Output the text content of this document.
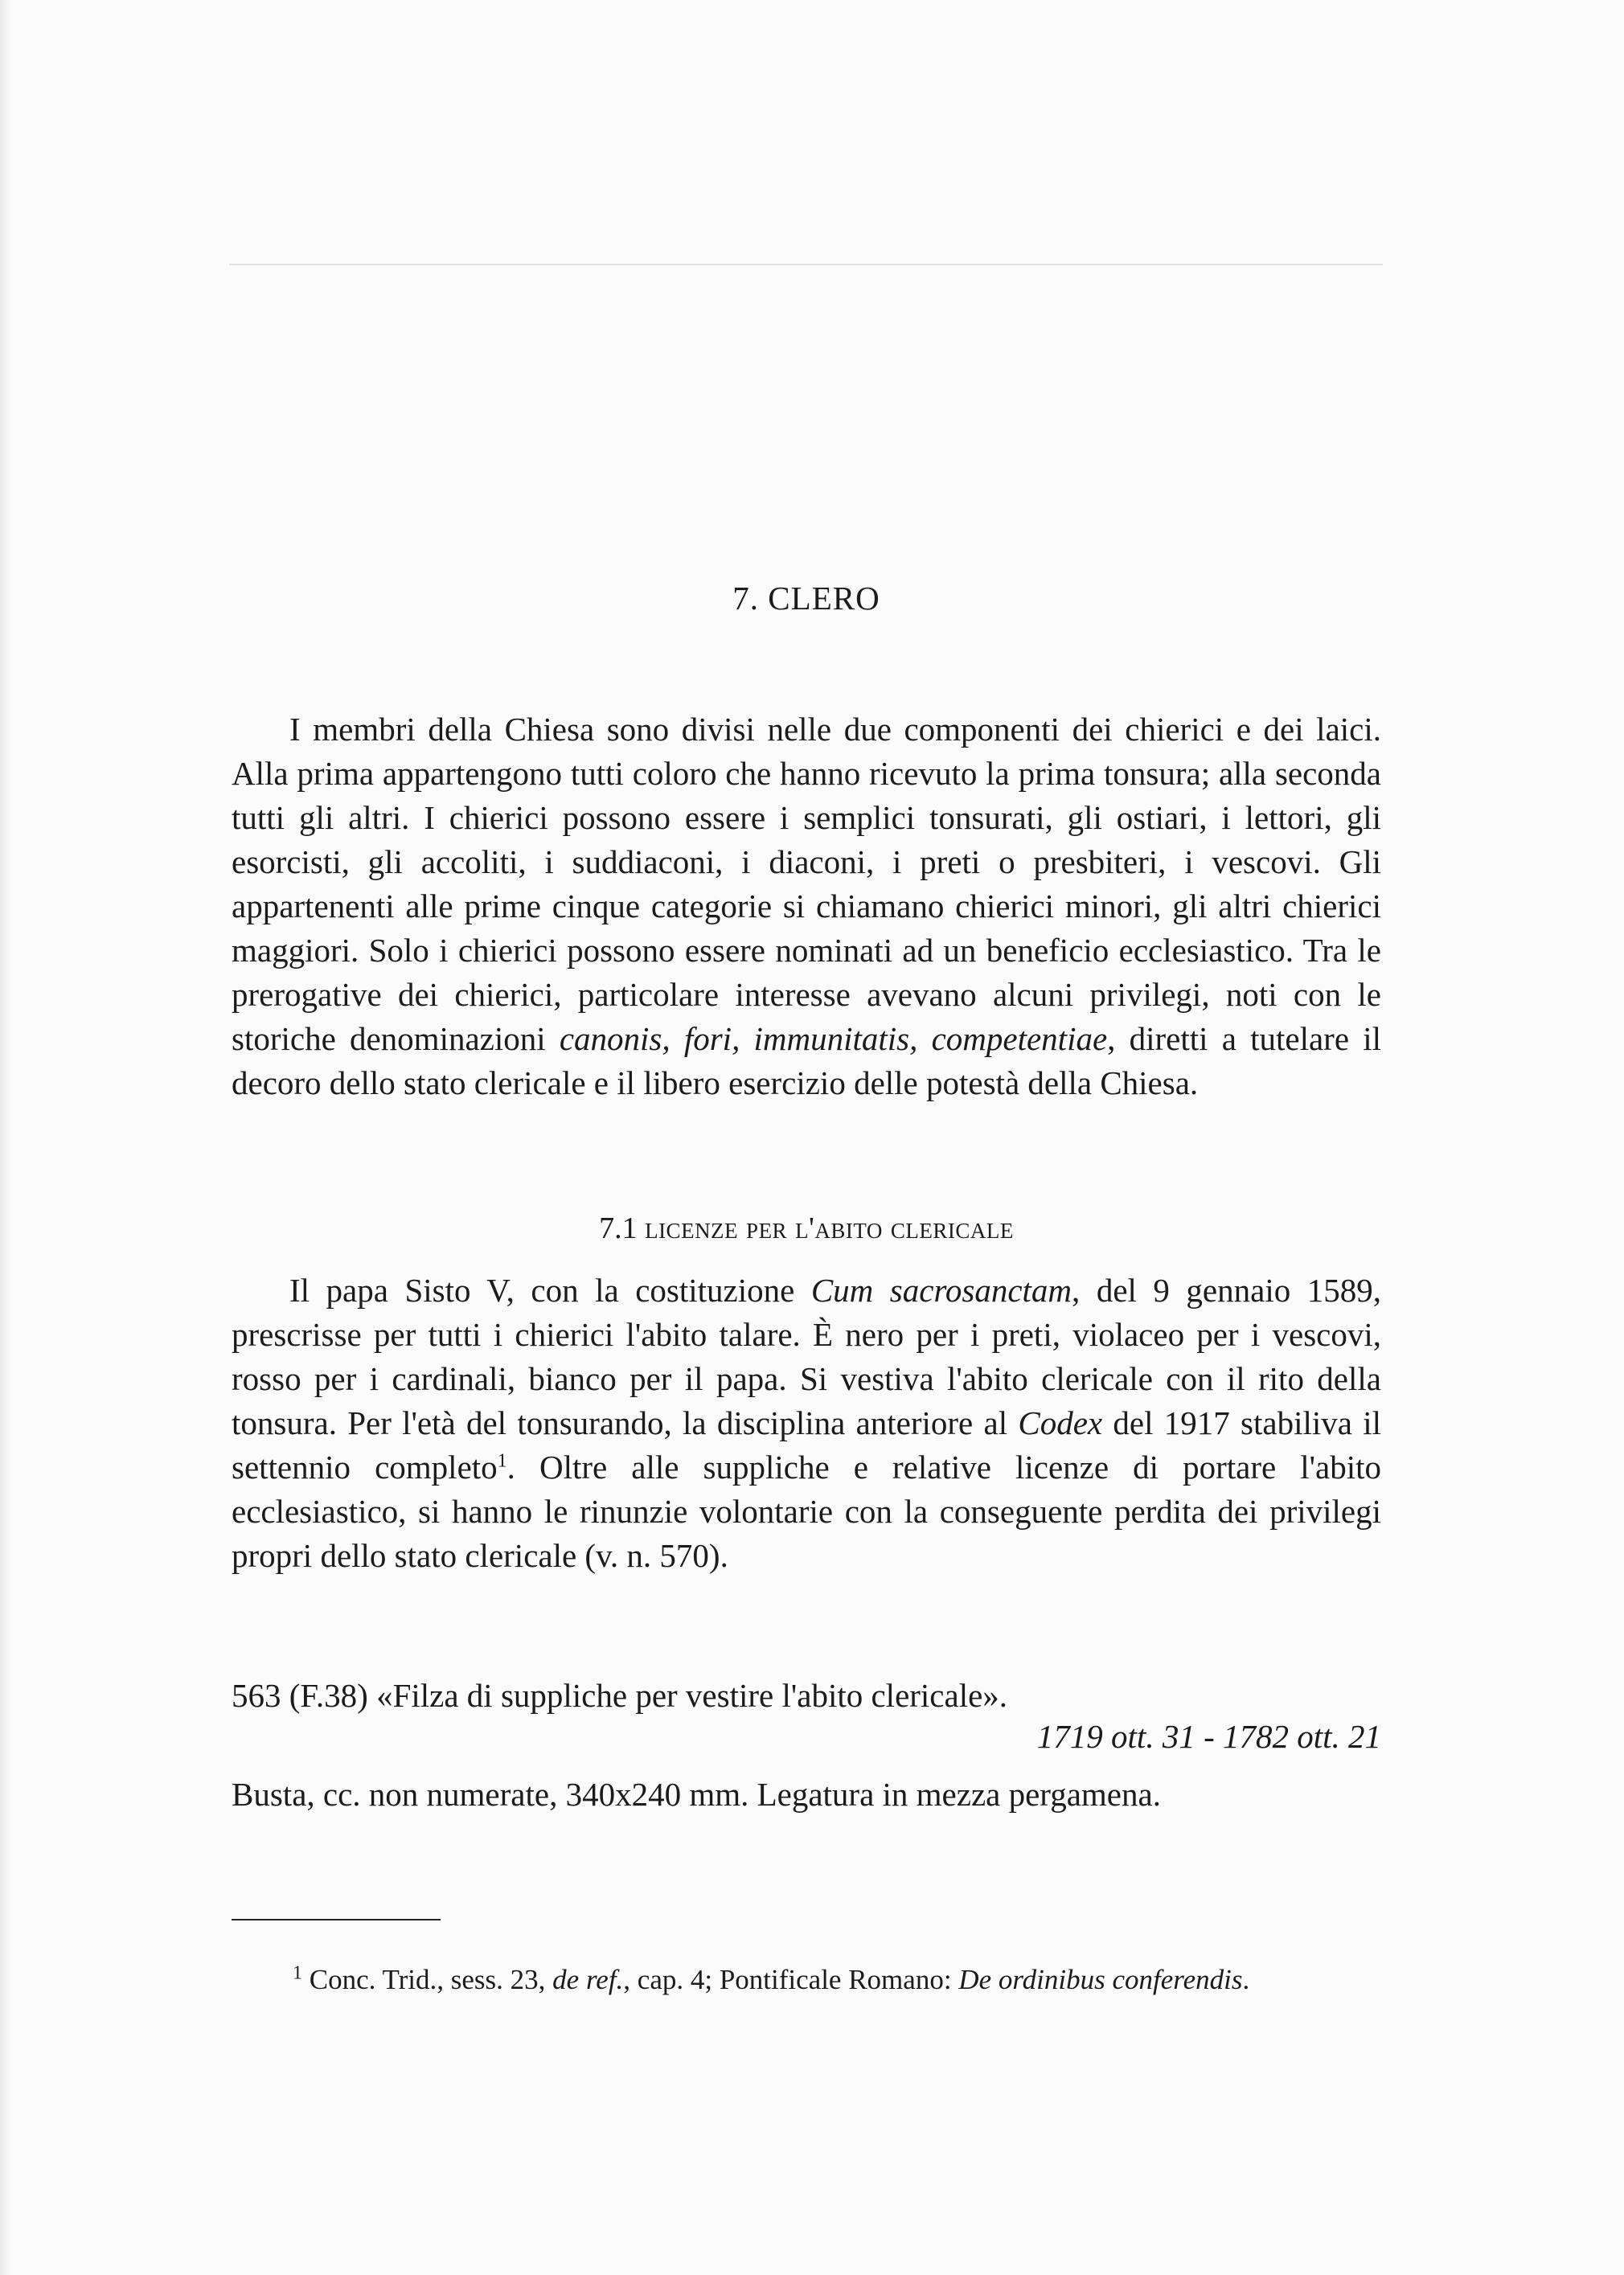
7. CLERO

I membri della Chiesa sono divisi nelle due componenti dei chierici e dei laici. Alla prima appartengono tutti coloro che hanno ricevuto la prima tonsura; alla seconda tutti gli altri. I chierici possono essere i semplici tonsurati, gli ostiari, i lettori, gli esorcisti, gli accoliti, i suddiaconi, i diaconi, i preti o presbiteri, i vescovi. Gli appartenenti alle prime cinque categorie si chiamano chierici minori, gli altri chierici maggiori. Solo i chierici possono essere nominati ad un beneficio ecclesiastico. Tra le prerogative dei chierici, particolare interesse avevano alcuni privilegi, noti con le storiche denominazioni canonis, fori, immunitatis, competentiae, diretti a tutelare il decoro dello stato clericale e il libero esercizio delle potestà della Chiesa.

7.1 licenze per l'abito clericale

Il papa Sisto V, con la costituzione Cum sacrosanctam, del 9 gennaio 1589, prescrisse per tutti i chierici l'abito talare. È nero per i preti, violaceo per i vescovi, rosso per i cardinali, bianco per il papa. Si vestiva l'abito clericale con il rito della tonsura. Per l'età del tonsurando, la disciplina anteriore al Codex del 1917 stabiliva il settennio completo$^1$. Oltre alle suppliche e relative licenze di portare l'abito ecclesiastico, si hanno le rinunzie volontarie con la conseguente perdita dei privilegi propri dello stato clericale (v. n. 570).

563 (F.38) «Filza di suppliche per vestire l'abito clericale».
1719 ott. 31 - 1782 ott. 21
Busta, cc. non numerate, 340x240 mm. Legatura in mezza pergamena.
$^1$ Conc. Trid., sess. 23, de ref., cap. 4; Pontificale Romano: De ordinibus conferendis.
